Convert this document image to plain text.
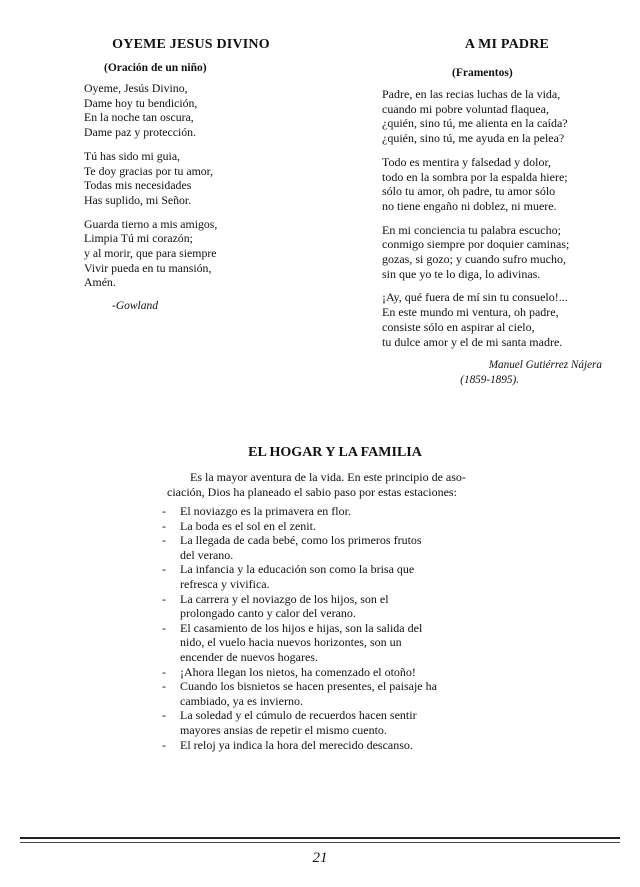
OYEME JESUS DIVINO
(Oración de un niño)
Oyeme, Jesús Divino,
Dame hoy tu bendición,
En la noche tan oscura,
Dame paz y protección.
Tú has sido mi guia,
Te doy gracias por tu amor,
Todas mis necesidades
Has suplido, mi Señor.
Guarda tierno a mis amigos,
Limpia Tú mi corazón;
y al morir, que para siempre
Vivir pueda en tu mansión,
Amén.
-Gowland
A MI PADRE
(Framentos)
Padre, en las recias luchas de la vida,
cuando mi pobre voluntad flaquea,
¿quién, sino tú, me alienta en la caída?
¿quién, sino tú, me ayuda en la pelea?
Todo es mentira y falsedad y dolor,
todo en la sombra por la espalda hiere;
sólo tu amor, oh padre, tu amor sólo
no tiene engaño ni doblez, ni muere.
En mi conciencia tu palabra escucho;
conmigo siempre por doquier caminas;
gozas, si gozo; y cuando sufro mucho,
sin que yo te lo diga, lo adivinas.
¡Ay, qué fuera de mí sin tu consuelo!...
En este mundo mi ventura, oh padre,
consiste sólo en aspirar al cielo,
tu dulce amor y el de mi santa madre.
Manuel Gutiérrez Nájera
(1859-1895).
EL HOGAR Y LA FAMILIA
Es la mayor aventura de la vida. En este principio de aso-
ciación, Dios ha planeado el sabio paso por estas estaciones:
- El noviazgo es la primavera en flor.
- La boda es el sol en el zenit.
- La llegada de cada bebé, como los primeros frutos
del verano.
- La infancia y la educación son como la brisa que
refresca y vivifica.
- La carrera y el noviazgo de los hijos, son el
prolongado canto y calor del verano.
- El casamiento de los hijos e hijas, son la salida del
nido, el vuelo hacia nuevos horizontes, son un
encender de nuevos hogares.
- ¡Ahora llegan los nietos, ha comenzado el otoño!
- Cuando los bisnietos se hacen presentes, el paisaje ha
cambiado, ya es invierno.
- La soledad y el cúmulo de recuerdos hacen sentir
mayores ansias de repetir el mismo cuento.
- El reloj ya indica la hora del merecido descanso.
21
